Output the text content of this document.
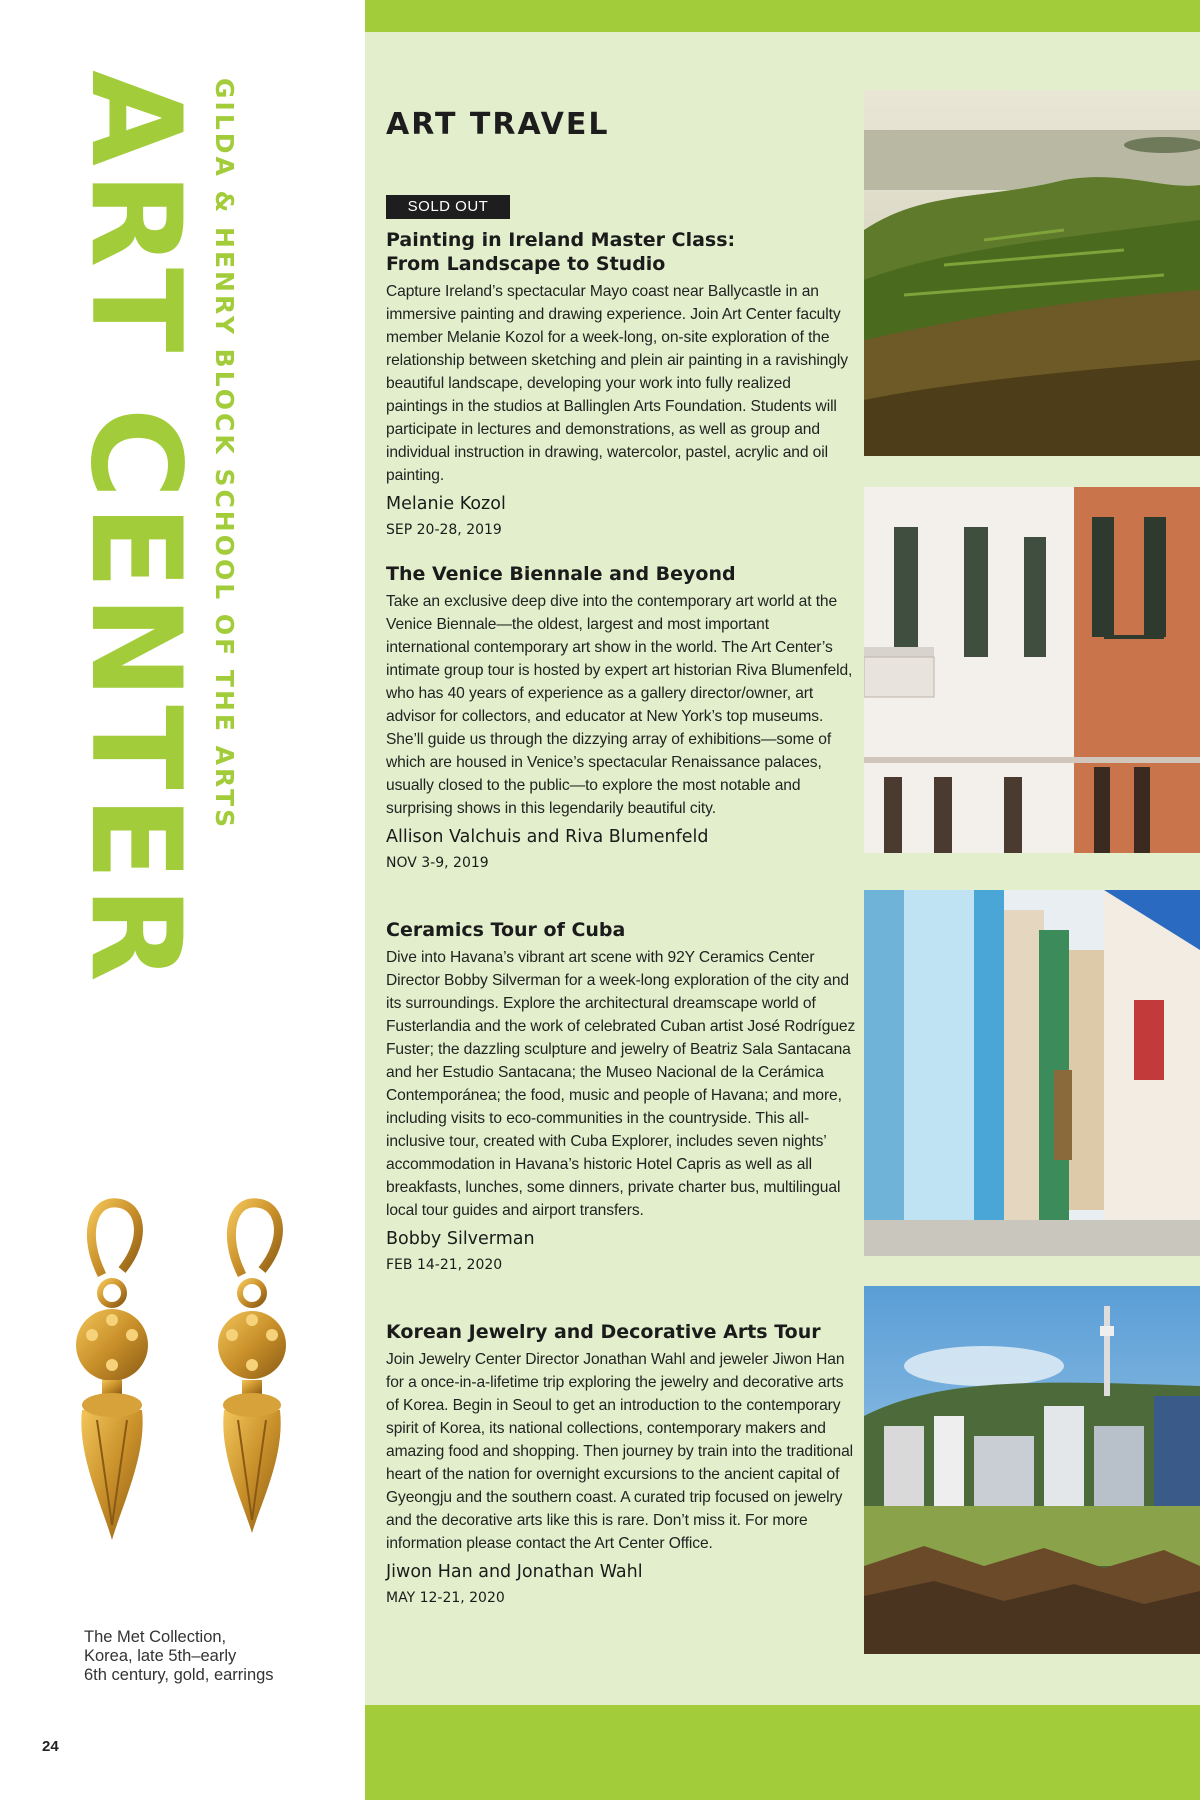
ART CENTER GILDA & HENRY BLOCK SCHOOL OF THE ARTS
The Met Collection,
Korea, late 5th–early
6th century, gold, earrings
24
ART TRAVEL
SOLD OUT
Painting in Ireland Master Class:
From Landscape to Studio

Capture Ireland’s spectacular Mayo coast near Ballycastle in an immersive painting and drawing experience. Join Art Center faculty member Melanie Kozol for a week-long, on-site exploration of the relationship between sketching and plein air painting in a ravishingly beautiful landscape, developing your work into fully realized paintings in the studios at Ballinglen Arts Foundation. Students will participate in lectures and demonstrations, as well as group and individual instruction in drawing, watercolor, pastel, acrylic and oil painting.

Melanie Kozol
SEP 20-28, 2019
The Venice Biennale and Beyond

Take an exclusive deep dive into the contemporary art world at the Venice Biennale—the oldest, largest and most important international contemporary art show in the world. The Art Center’s intimate group tour is hosted by expert art historian Riva Blumenfeld, who has 40 years of experience as a gallery director/owner, art advisor for collectors, and educator at New York’s top museums. She’ll guide us through the dizzying array of exhibitions—some of which are housed in Venice’s spectacular Renaissance palaces, usually closed to the public—to explore the most notable and surprising shows in this legendarily beautiful city.

Allison Valchuis and Riva Blumenfeld
NOV 3-9, 2019
Ceramics Tour of Cuba

Dive into Havana’s vibrant art scene with 92Y Ceramics Center Director Bobby Silverman for a week-long exploration of the city and its surroundings. Explore the architectural dreamscape world of Fusterlandia and the work of celebrated Cuban artist José Rodríguez Fuster; the dazzling sculpture and jewelry of Beatriz Sala Santacana and her Estudio Santacana; the Museo Nacional de la Cerámica Contemporánea; the food, music and people of Havana; and more, including visits to eco-communities in the countryside. This all-inclusive tour, created with Cuba Explorer, includes seven nights’ accommodation in Havana’s historic Hotel Capris as well as all breakfasts, lunches, some dinners, private charter bus, multilingual local tour guides and airport transfers.

Bobby Silverman
FEB 14-21, 2020
Korean Jewelry and Decorative Arts Tour

Join Jewelry Center Director Jonathan Wahl and jeweler Jiwon Han for a once-in-a-lifetime trip exploring the jewelry and decorative arts of Korea. Begin in Seoul to get an introduction to the contemporary spirit of Korea, its national collections, contemporary makers and amazing food and shopping. Then journey by train into the traditional heart of the nation for overnight excursions to the ancient capital of Gyeongju and the southern coast. A curated trip focused on jewelry and the decorative arts like this is rare. Don’t miss it. For more information please contact the Art Center Office.

Jiwon Han and Jonathan Wahl
MAY 12-21, 2020
